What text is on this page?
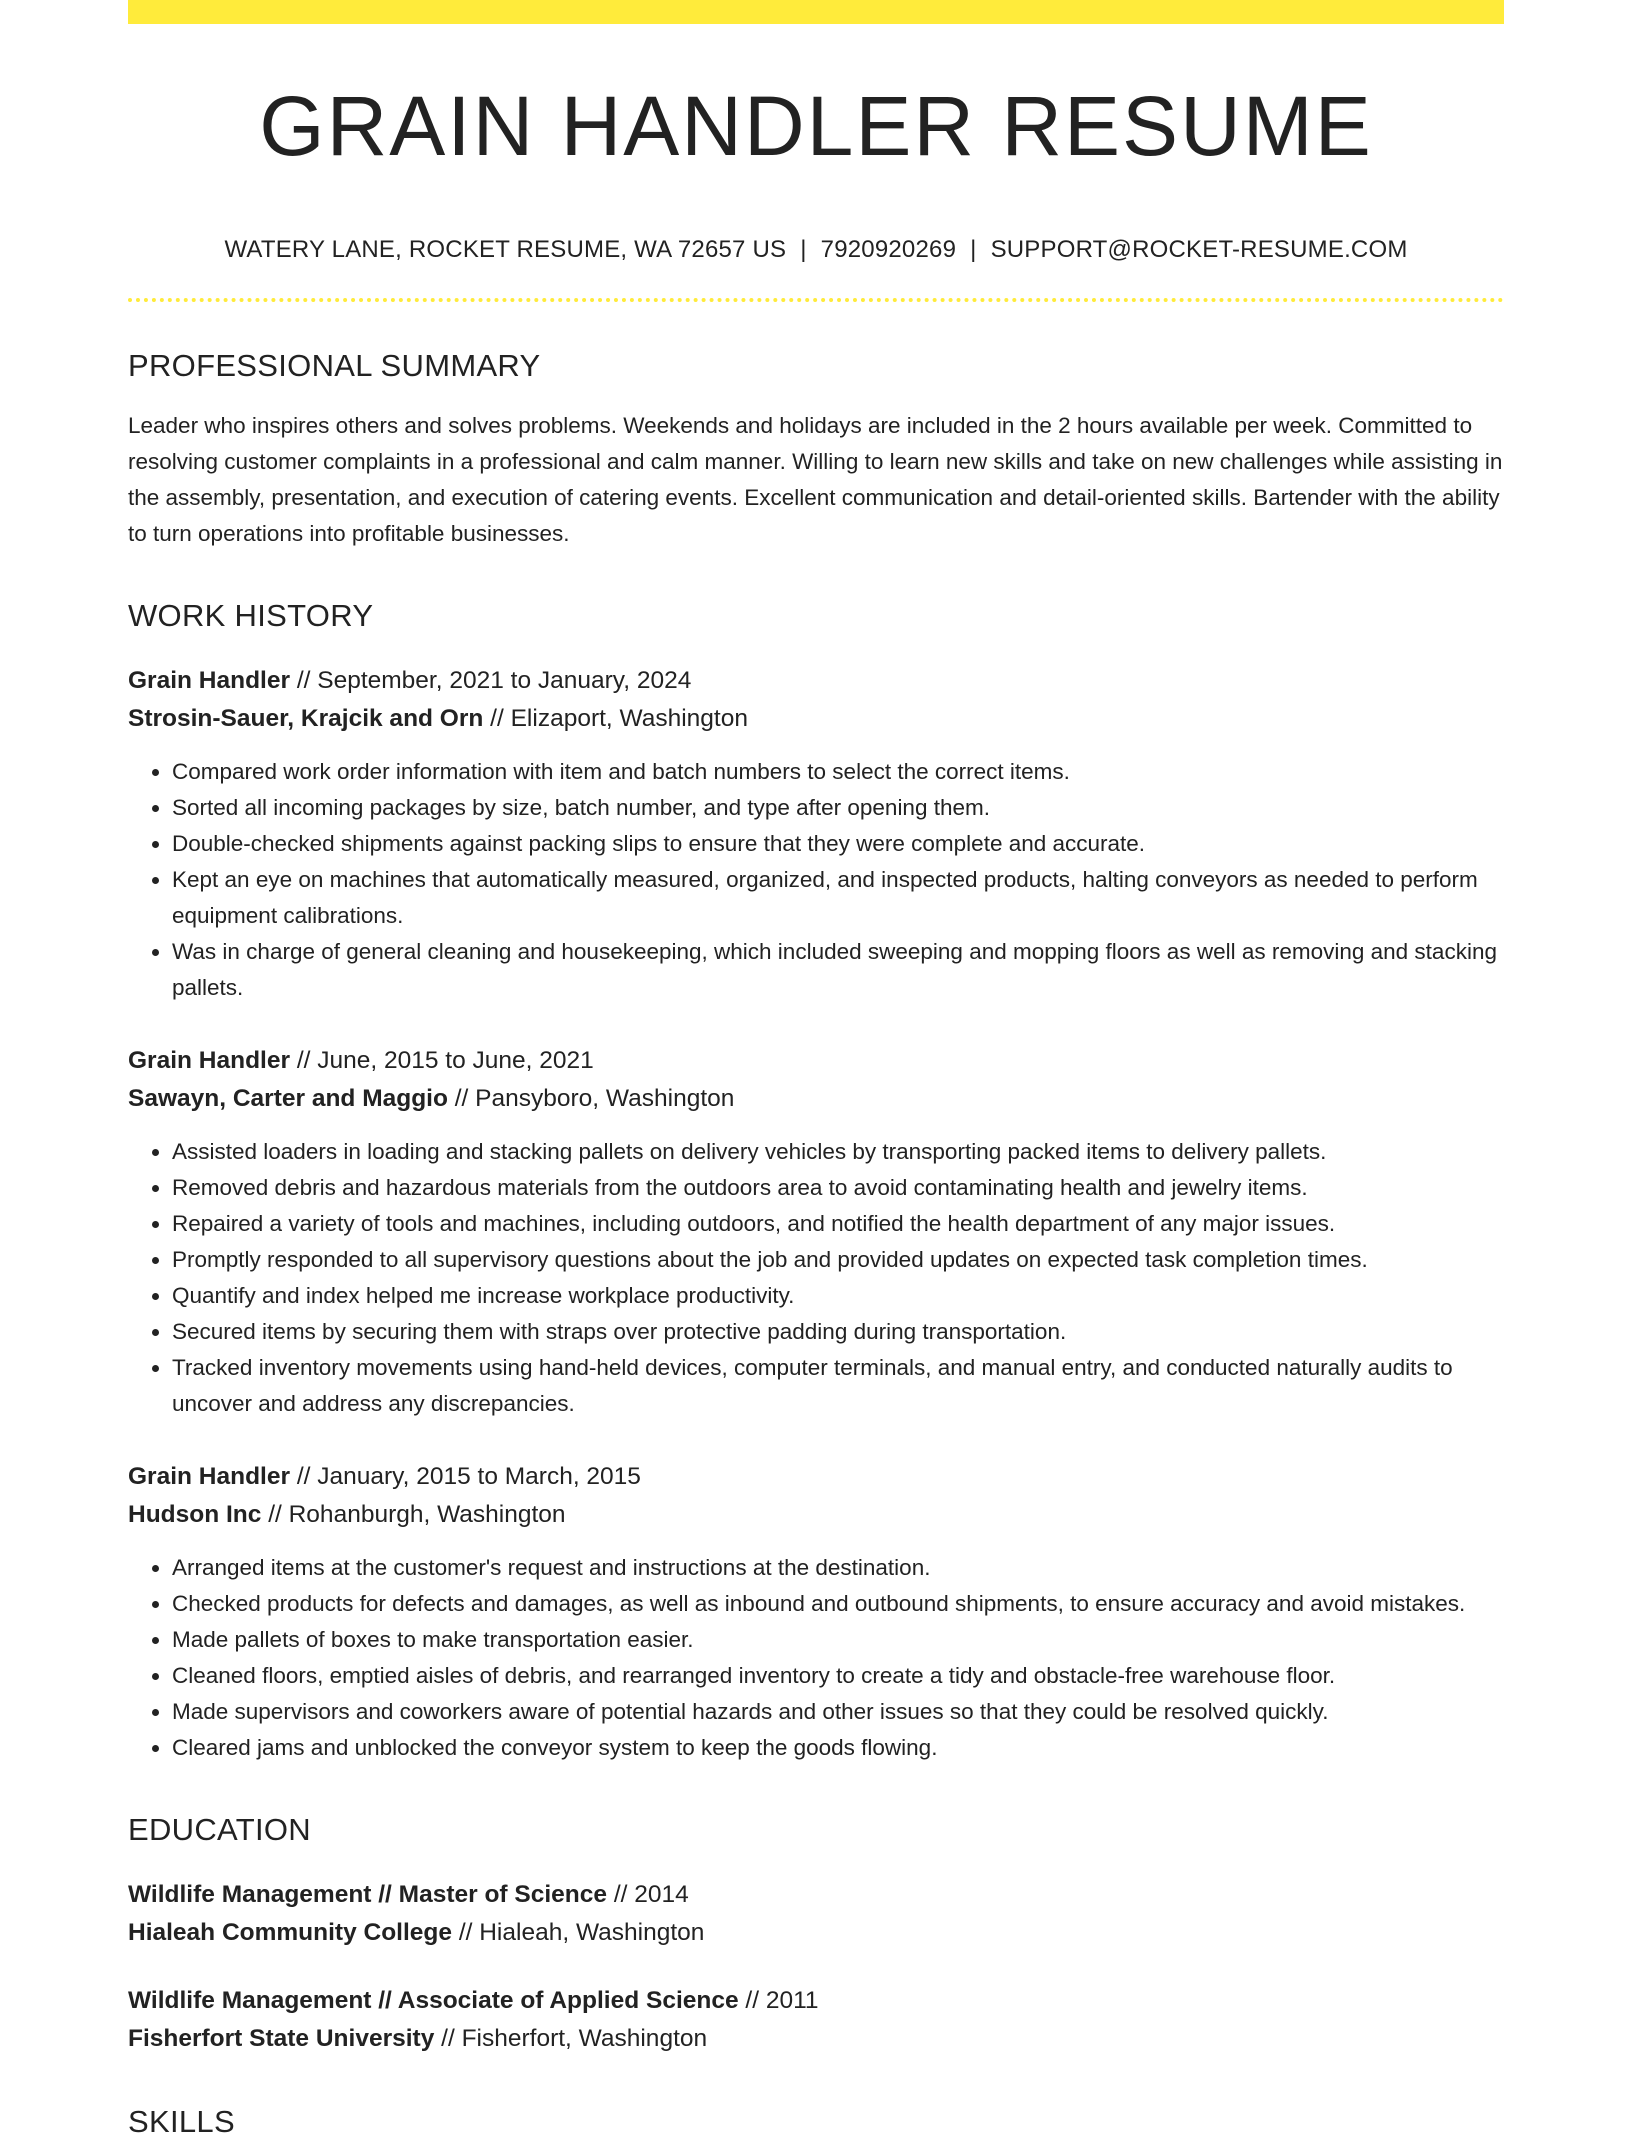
GRAIN HANDLER RESUME
WATERY LANE, ROCKET RESUME, WA 72657 US | 7920920269 | SUPPORT@ROCKET-RESUME.COM
PROFESSIONAL SUMMARY

Leader who inspires others and solves problems. Weekends and holidays are included in the 2 hours available per week. Committed to resolving customer complaints in a professional and calm manner. Willing to learn new skills and take on new challenges while assisting in the assembly, presentation, and execution of catering events. Excellent communication and detail-oriented skills. Bartender with the ability to turn operations into profitable businesses.

WORK HISTORY
Grain Handler // September, 2021 to January, 2024
Strosin-Sauer, Krajcik and Orn // Elizaport, Washington
• Compared work order information with item and batch numbers to select the correct items.
• Sorted all incoming packages by size, batch number, and type after opening them.
• Double-checked shipments against packing slips to ensure that they were complete and accurate.
• Kept an eye on machines that automatically measured, organized, and inspected products, halting conveyors as needed to perform equipment calibrations.
• Was in charge of general cleaning and housekeeping, which included sweeping and mopping floors as well as removing and stacking pallets.
Grain Handler // June, 2015 to June, 2021
Sawayn, Carter and Maggio // Pansyboro, Washington
• Assisted loaders in loading and stacking pallets on delivery vehicles by transporting packed items to delivery pallets.
• Removed debris and hazardous materials from the outdoors area to avoid contaminating health and jewelry items.
• Repaired a variety of tools and machines, including outdoors, and notified the health department of any major issues.
• Promptly responded to all supervisory questions about the job and provided updates on expected task completion times.
• Quantify and index helped me increase workplace productivity.
• Secured items by securing them with straps over protective padding during transportation.
• Tracked inventory movements using hand-held devices, computer terminals, and manual entry, and conducted naturally audits to uncover and address any discrepancies.
Grain Handler // January, 2015 to March, 2015
Hudson Inc // Rohanburgh, Washington
• Arranged items at the customer's request and instructions at the destination.
• Checked products for defects and damages, as well as inbound and outbound shipments, to ensure accuracy and avoid mistakes.
• Made pallets of boxes to make transportation easier.
• Cleaned floors, emptied aisles of debris, and rearranged inventory to create a tidy and obstacle-free warehouse floor.
• Made supervisors and coworkers aware of potential hazards and other issues so that they could be resolved quickly.
• Cleared jams and unblocked the conveyor system to keep the goods flowing.
EDUCATION
Wildlife Management // Master of Science // 2014
Hialeah Community College // Hialeah, Washington
Wildlife Management // Associate of Applied Science // 2011
Fisherfort State University // Fisherfort, Washington
SKILLS
